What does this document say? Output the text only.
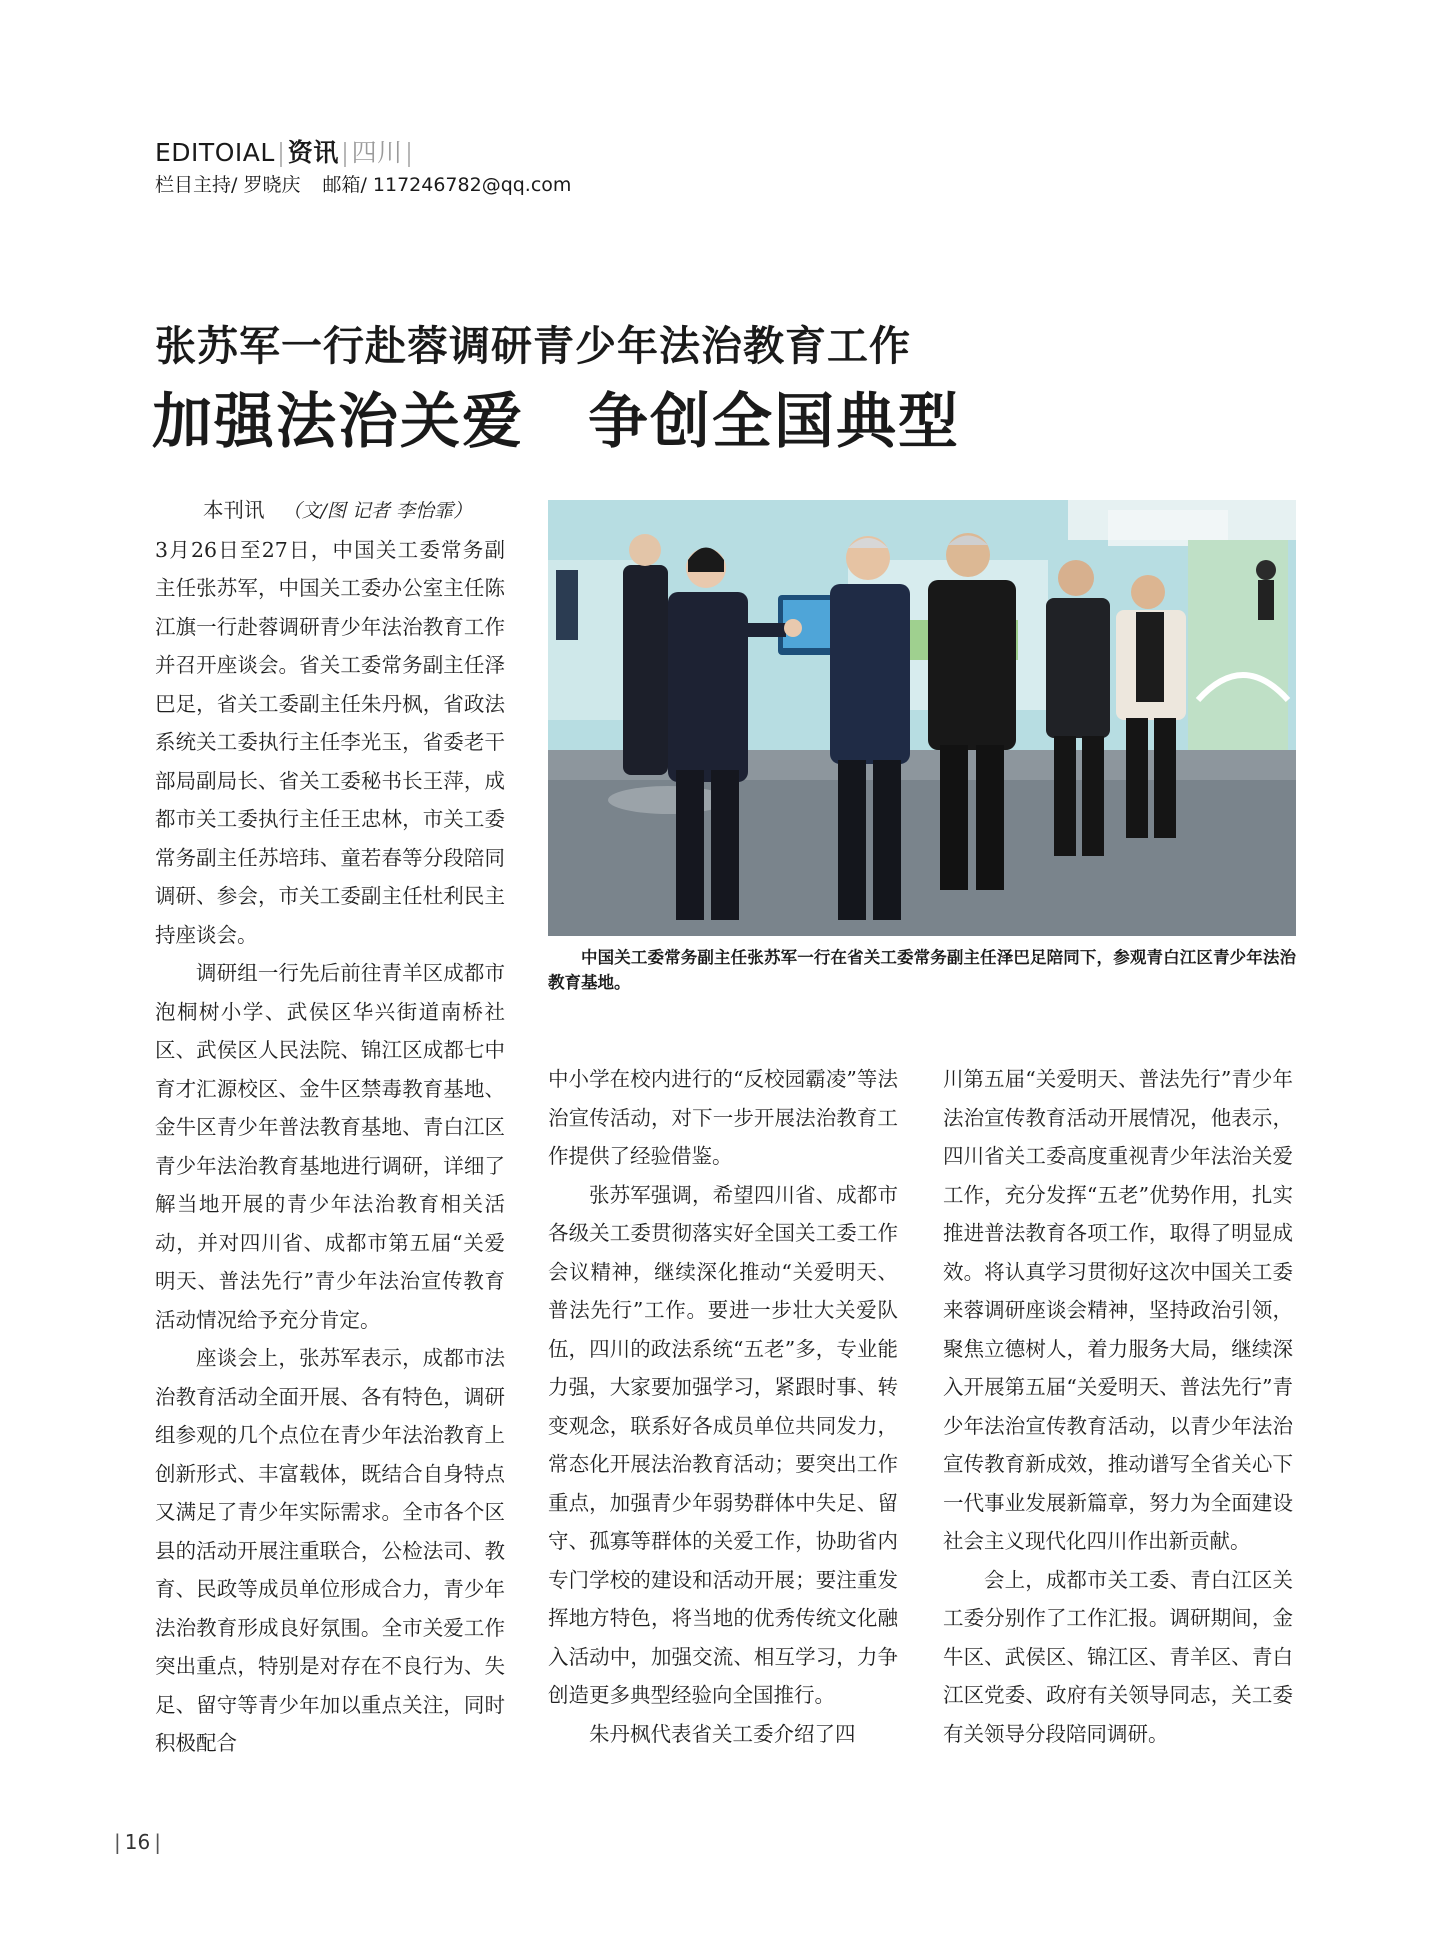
EDITOIAL|资讯|四川|
栏目主持/ 罗晓庆 邮箱/ 117246782@qq.com
张苏军一行赴蓉调研青少年法治教育工作
加强法治关爱 争创全国典型

本刊讯 （文/图 记者 李怡霏）

3月26日至27日，中国关工委常务副主任张苏军，中国关工委办公室主任陈江旗一行赴蓉调研青少年法治教育工作并召开座谈会。省关工委常务副主任泽巴足，省关工委副主任朱丹枫，省政法系统关工委执行主任李光玉，省委老干部局副局长、省关工委秘书长王萍，成都市关工委执行主任王忠林，市关工委常务副主任苏培玮、童若春等分段陪同调研、参会，市关工委副主任杜利民主持座谈会。

调研组一行先后前往青羊区成都市泡桐树小学、武侯区华兴街道南桥社区、武侯区人民法院、锦江区成都七中育才汇源校区、金牛区禁毒教育基地、金牛区青少年普法教育基地、青白江区青少年法治教育基地进行调研，详细了解当地开展的青少年法治教育相关活动，并对四川省、成都市第五届“关爱明天、普法先行”青少年法治宣传教育活动情况给予充分肯定。

座谈会上，张苏军表示，成都市法治教育活动全面开展、各有特色，调研组参观的几个点位在青少年法治教育上创新形式、丰富载体，既结合自身特点又满足了青少年实际需求。全市各个区县的活动开展注重联合，公检法司、教育、民政等成员单位形成合力，青少年法治教育形成良好氛围。全市关爱工作突出重点，特别是对存在不良行为、失足、留守等青少年加以重点关注，同时积极配合

中国关工委常务副主任张苏军一行在省关工委常务副主任泽巴足陪同下，参观青白江区青少年法治教育基地。

中小学在校内进行的“反校园霸凌”等法治宣传活动，对下一步开展法治教育工作提供了经验借鉴。

张苏军强调，希望四川省、成都市各级关工委贯彻落实好全国关工委工作会议精神，继续深化推动“关爱明天、普法先行”工作。要进一步壮大关爱队伍，四川的政法系统“五老”多，专业能力强，大家要加强学习，紧跟时事、转变观念，联系好各成员单位共同发力，常态化开展法治教育活动；要突出工作重点，加强青少年弱势群体中失足、留守、孤寡等群体的关爱工作，协助省内专门学校的建设和活动开展；要注重发挥地方特色，将当地的优秀传统文化融入活动中，加强交流、相互学习，力争创造更多典型经验向全国推行。

朱丹枫代表省关工委介绍了四

川第五届“关爱明天、普法先行”青少年法治宣传教育活动开展情况，他表示，四川省关工委高度重视青少年法治关爱工作，充分发挥“五老”优势作用，扎实推进普法教育各项工作，取得了明显成效。将认真学习贯彻好这次中国关工委来蓉调研座谈会精神，坚持政治引领，聚焦立德树人，着力服务大局，继续深入开展第五届“关爱明天、普法先行”青少年法治宣传教育活动，以青少年法治宣传教育新成效，推动谱写全省关心下一代事业发展新篇章，努力为全面建设社会主义现代化四川作出新贡献。

会上，成都市关工委、青白江区关工委分别作了工作汇报。调研期间，金牛区、武侯区、锦江区、青羊区、青白江区党委、政府有关领导同志，关工委有关领导分段陪同调研。

| 16 |
